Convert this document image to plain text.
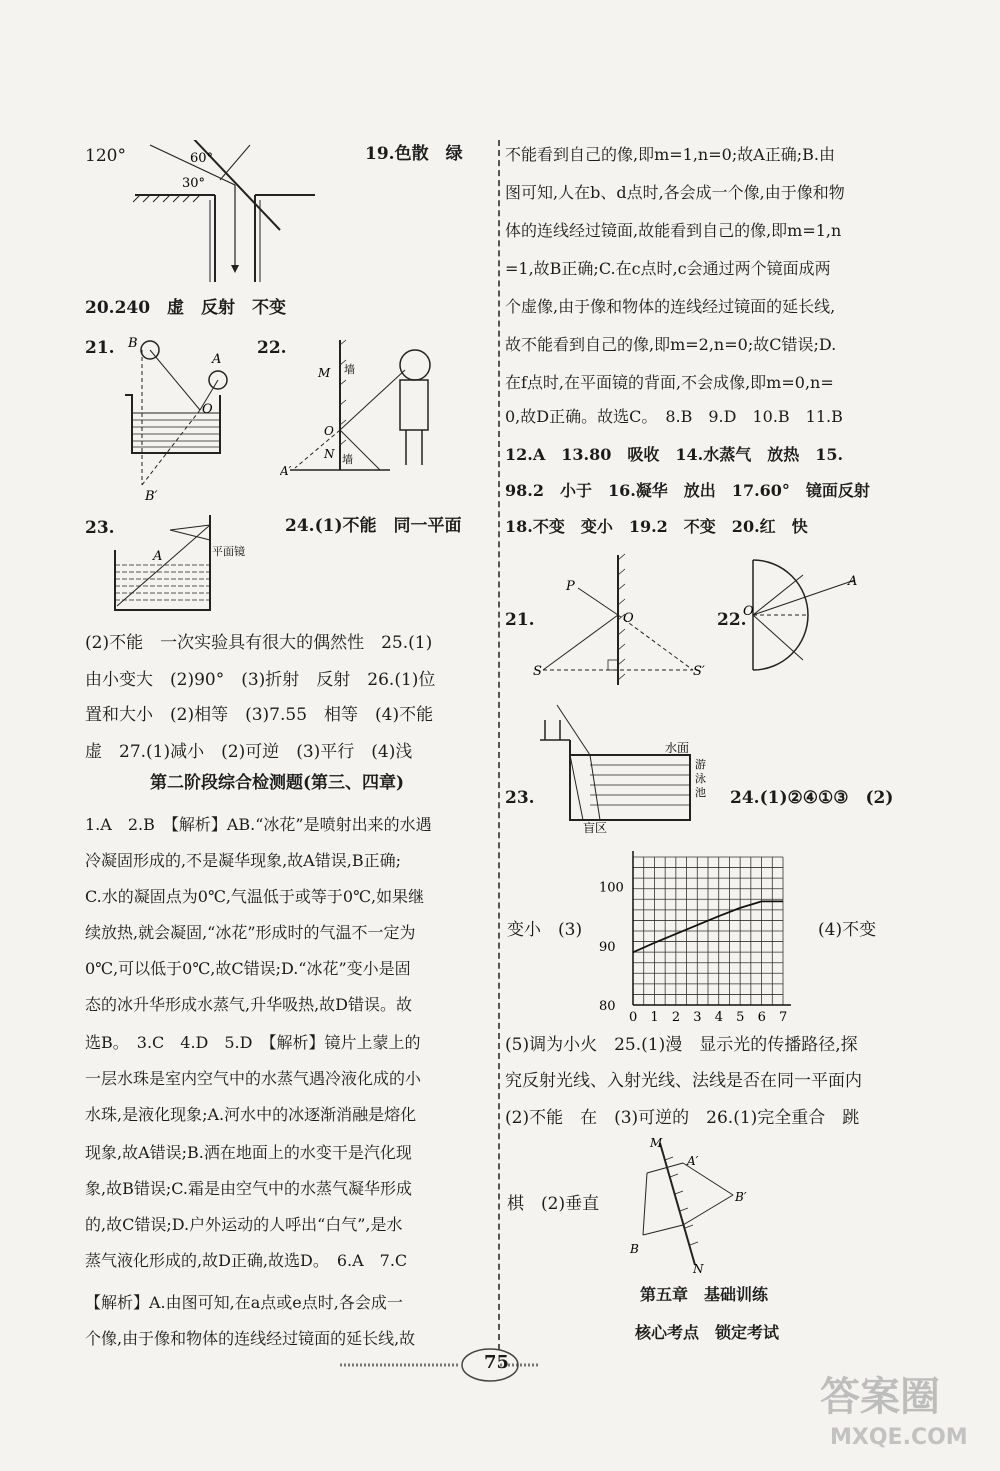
120°	60°
30°
19.色散　绿
20.240　虚　反射　不变
21. B
A
O
B′
22.
M 墙
O
N 墙
A′
23.
A	平面镜
24.(1)不能　同一平面
(2)不能　一次实验具有很大的偶然性　25.(1)
由小变大　(2)90°　(3)折射　反射　26.(1)位
置和大小　(2)相等　(3)7.55　相等　(4)不能
虚　27.(1)减小　(2)可逆　(3)平行　(4)浅
第二阶段综合检测题(第三、四章)
1.A　2.B　【解析】AB.“冰花”是喷射出来的水遇
冷凝固形成的,不是凝华现象,故A错误,B正确;
C.水的凝固点为0℃,气温低于或等于0℃,如果继
续放热,就会凝固,“冰花”形成时的气温不一定为
0℃,可以低于0℃,故C错误;D.“冰花”变小是固
态的冰升华形成水蒸气,升华吸热,故D错误。故
选B。　3.C　4.D　5.D　【解析】镜片上蒙上的
一层水珠是室内空气中的水蒸气遇冷液化成的小
水珠,是液化现象;A.河水中的冰逐渐消融是熔化
现象,故A错误;B.洒在地面上的水变干是汽化现
象,故B错误;C.霜是由空气中的水蒸气凝华形成
的,故C错误;D.户外运动的人呼出“白气”,是水
蒸气液化形成的,故D正确,故选D。　6.A　7.C
【解析】A.由图可知,在a点或e点时,各会成一
个像,由于像和物体的连线经过镜面的延长线,故
不能看到自己的像,即m=1,n=0;故A正确;B.由
图可知,人在b、d点时,各会成一个像,由于像和物
体的连线经过镜面,故能看到自己的像,即m=1,n
=1,故B正确;C.在c点时,c会通过两个镜面成两
个虚像,由于像和物体的连线经过镜面的延长线,
故不能看到自己的像,即m=2,n=0;故C错误;D.
在f点时,在平面镜的背面,不会成像,即m=0,n=
0,故D正确。故选C。　8.B　9.D　10.B　11.B
12.A　13.80　吸收　14.水蒸气　放热　15.
98.2　小于　16.凝华　放出　17.60°　镜面反射
18.不变　变小　19.2　不变　20.红　快
21.
P
O
S	S′
22.
O
A
23.
水面
游
泳
池
盲区
24.(1)②④①③　(2)
变小　(3)
0 1 2 3 4 5 6 7
80
90
100
(4)不变
(5)调为小火　25.(1)漫　显示光的传播路径,探
究反射光线、入射光线、法线是否在同一平面内
(2)不能　在　(3)可逆的　26.(1)完全重合　跳
棋　(2)垂直
M
A′
B′
B
N
第五章　基础训练
核心考点　锁定考试
75
答案圈
MXQE.COM
